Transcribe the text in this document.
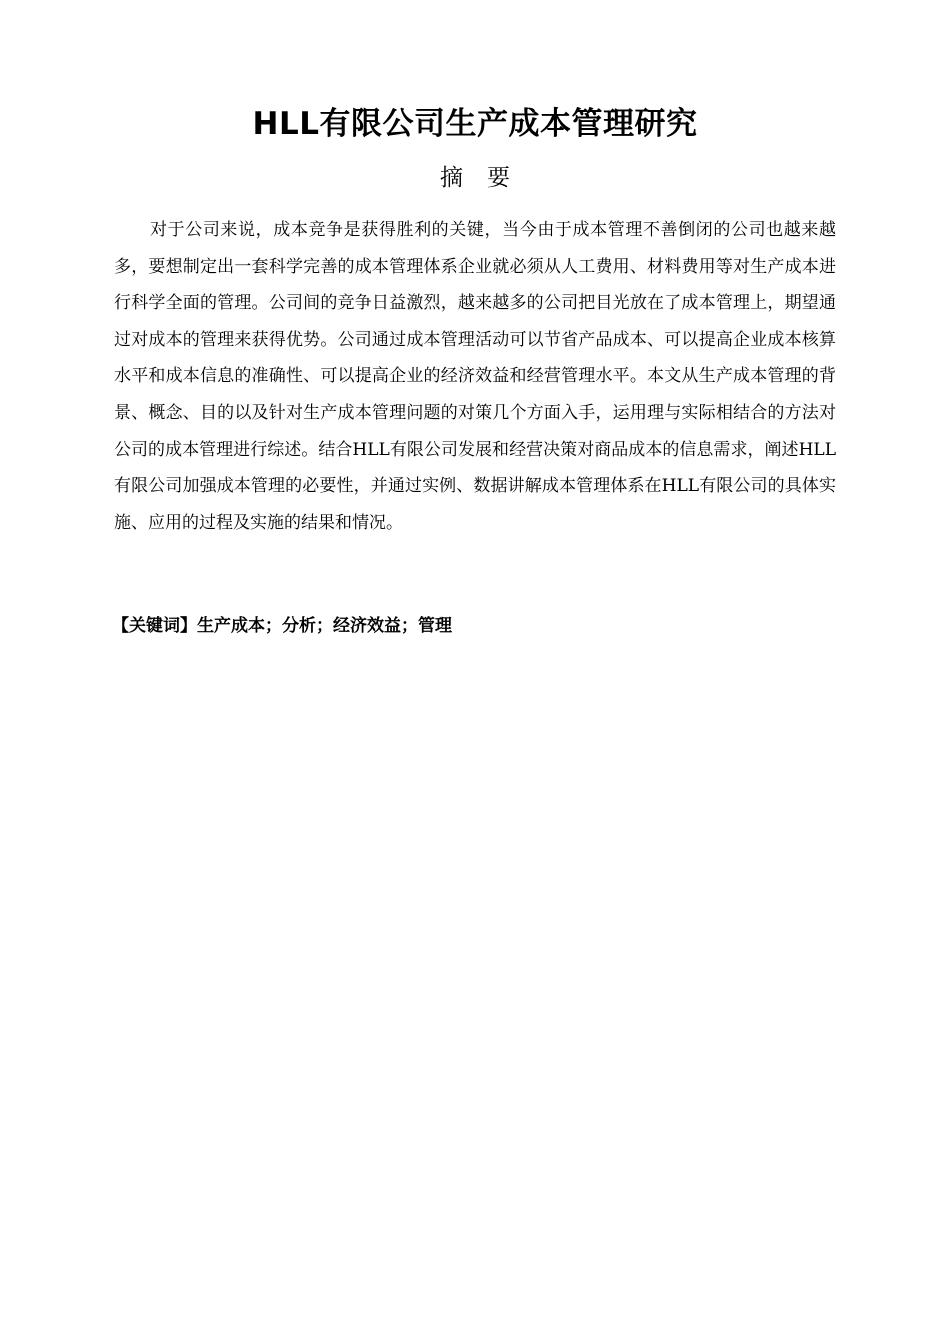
HLL有限公司生产成本管理研究
摘 要

对于公司来说，成本竞争是获得胜利的关键，当今由于成本管理不善倒闭的公司也越来越多，要想制定出一套科学完善的成本管理体系企业就必须从人工费用、材料费用等对生产成本进行科学全面的管理。公司间的竞争日益激烈，越来越多的公司把目光放在了成本管理上，期望通过对成本的管理来获得优势。公司通过成本管理活动可以节省产品成本、可以提高企业成本核算水平和成本信息的准确性、可以提高企业的经济效益和经营管理水平。本文从生产成本管理的背景、概念、目的以及针对生产成本管理问题的对策几个方面入手，运用理与实际相结合的方法对公司的成本管理进行综述。结合HLL有限公司发展和经营决策对商品成本的信息需求，阐述HLL有限公司加强成本管理的必要性，并通过实例、数据讲解成本管理体系在HLL有限公司的具体实施、应用的过程及实施的结果和情况。

【关键词】生产成本；分析；经济效益；管理
